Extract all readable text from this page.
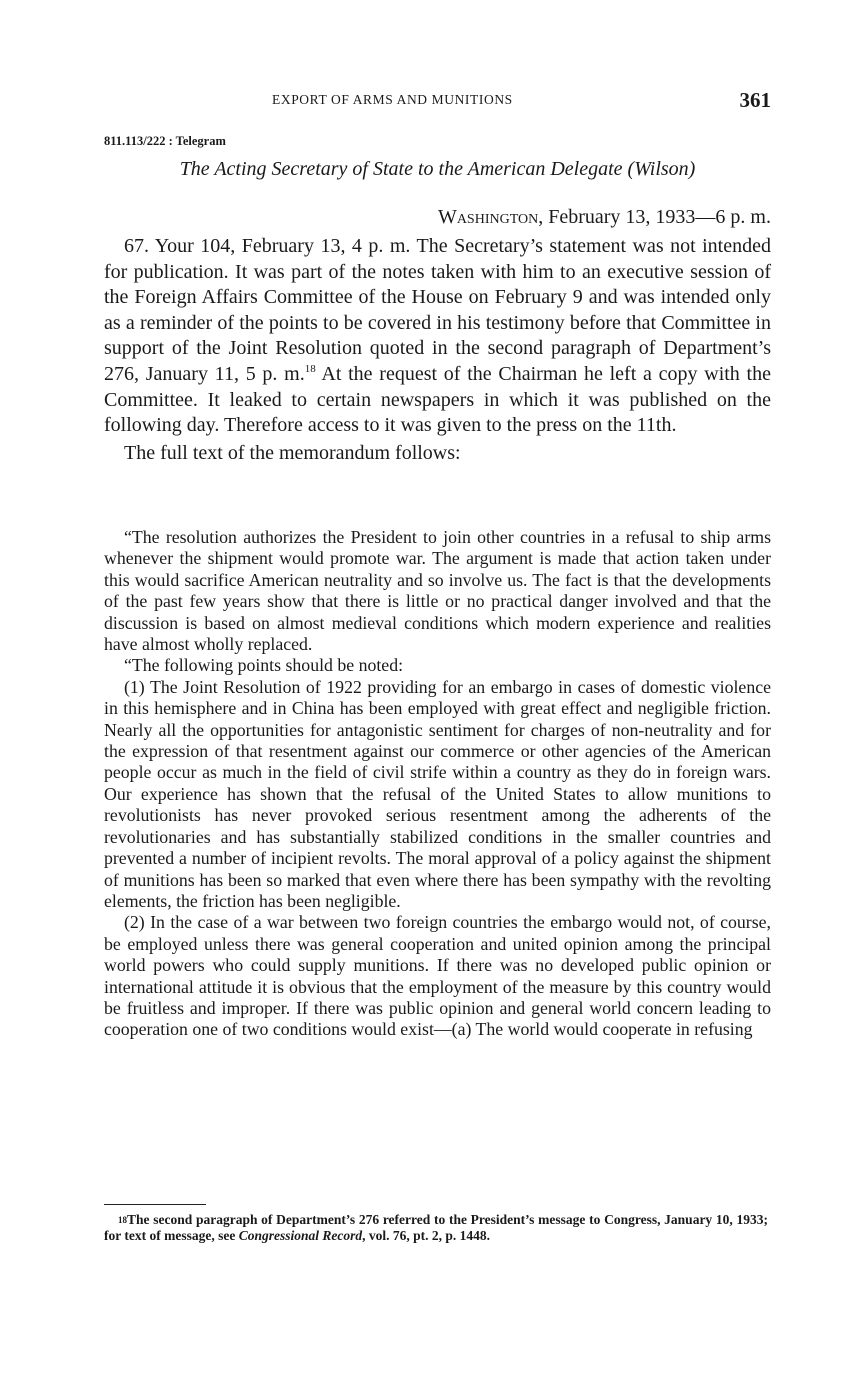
EXPORT OF ARMS AND MUNITIONS	361
811.113/222 : Telegram
The Acting Secretary of State to the American Delegate (Wilson)
Washington, February 13, 1933—6 p. m.

67. Your 104, February 13, 4 p. m. The Secretary’s statement was not intended for publication. It was part of the notes taken with him to an executive session of the Foreign Affairs Committee of the House on February 9 and was intended only as a reminder of the points to be covered in his testimony before that Committee in support of the Joint Resolution quoted in the second paragraph of Department’s 276, January 11, 5 p. m.$^{18}$ At the request of the Chairman he left a copy with the Committee. It leaked to certain newspapers in which it was published on the following day. Therefore access to it was given to the press on the 11th.

The full text of the memorandum follows:

“The resolution authorizes the President to join other countries in a refusal to ship arms whenever the shipment would promote war. The argument is made that action taken under this would sacrifice American neutrality and so involve us. The fact is that the developments of the past few years show that there is little or no practical danger involved and that the discussion is based on almost medieval conditions which modern experience and realities have almost wholly replaced.

“The following points should be noted:

(1) The Joint Resolution of 1922 providing for an embargo in cases of domestic violence in this hemisphere and in China has been employed with great effect and negligible friction. Nearly all the opportunities for antagonistic sentiment for charges of non-neutrality and for the expression of that resentment against our commerce or other agencies of the American people occur as much in the field of civil strife within a country as they do in foreign wars. Our experience has shown that the refusal of the United States to allow munitions to revolutionists has never provoked serious resentment among the adherents of the revolutionaries and has substantially stabilized conditions in the smaller countries and prevented a number of incipient revolts. The moral approval of a policy against the shipment of munitions has been so marked that even where there has been sympathy with the revolting elements, the friction has been negligible.

(2) In the case of a war between two foreign countries the embargo would not, of course, be employed unless there was general cooperation and united opinion among the principal world powers who could supply munitions. If there was no developed public opinion or international attitude it is obvious that the employment of the measure by this country would be fruitless and improper. If there was public opinion and general world concern leading to cooperation one of two conditions would exist—(a) The world would cooperate in refusing

$^{18}$The second paragraph of Department’s 276 referred to the President’s message to Congress, January 10, 1933; for text of message, see Congressional Record, vol. 76, pt. 2, p. 1448.
